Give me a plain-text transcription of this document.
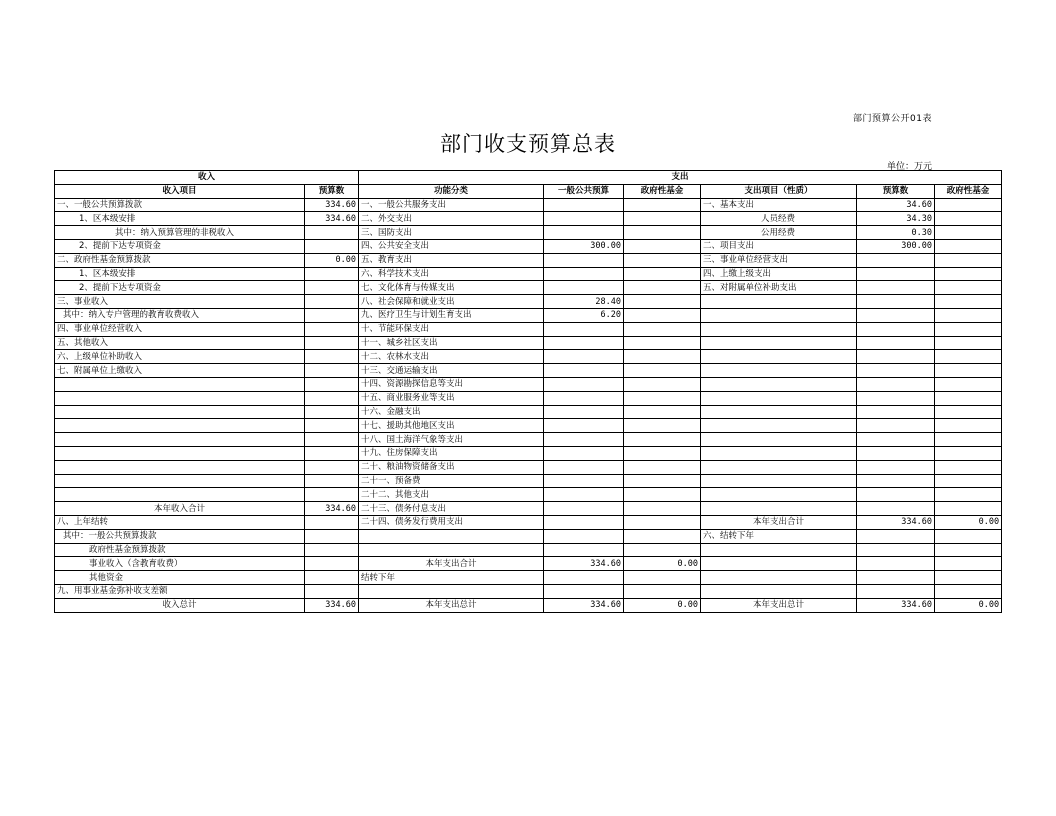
部门预算公开01表
部门收支预算总表
单位：万元
收入		支出					
收入项目	预算数	功能分类	一般公共预算	政府性基金	支出项目（性质）	预算数	政府性基金
一、一般公共预算拨款	334.60	一、一般公共服务支出			一、基本支出	34.60	
1、区本级安排	334.60	二、外交支出			人员经费	34.30	
其中：纳入预算管理的非税收入		三、国防支出			公用经费	0.30	
2、提前下达专项资金		四、公共安全支出	300.00		二、项目支出	300.00	
二、政府性基金预算拨款	0.00	五、教育支出			三、事业单位经营支出		
1、区本级安排		六、科学技术支出			四、上缴上级支出		
2、提前下达专项资金		七、文化体育与传媒支出			五、对附属单位补助支出		
三、事业收入		八、社会保障和就业支出	28.40				
其中：纳入专户管理的教育收费收入		九、医疗卫生与计划生育支出	6.20				
四、事业单位经营收入		十、节能环保支出					
五、其他收入		十一、城乡社区支出					
六、上级单位补助收入		十二、农林水支出					
七、附属单位上缴收入		十三、交通运输支出					
		十四、资源勘探信息等支出					
		十五、商业服务业等支出					
		十六、金融支出					
		十七、援助其他地区支出					
		十八、国土海洋气象等支出					
		十九、住房保障支出					
		二十、粮油物资储备支出					
		二十一、预备费					
		二十二、其他支出					
本年收入合计	334.60	二十三、债务付息支出					
八、上年结转		二十四、债务发行费用支出			本年支出合计	334.60	0.00
其中：一般公共预算拨款					六、结转下年		
政府性基金预算拨款							
事业收入（含教育收费）		本年支出合计	334.60	0.00			
其他资金		结转下年					
九、用事业基金弥补收支差额							
收入总计	334.60	本年支出总计	334.60	0.00	本年支出总计	334.60	0.00
